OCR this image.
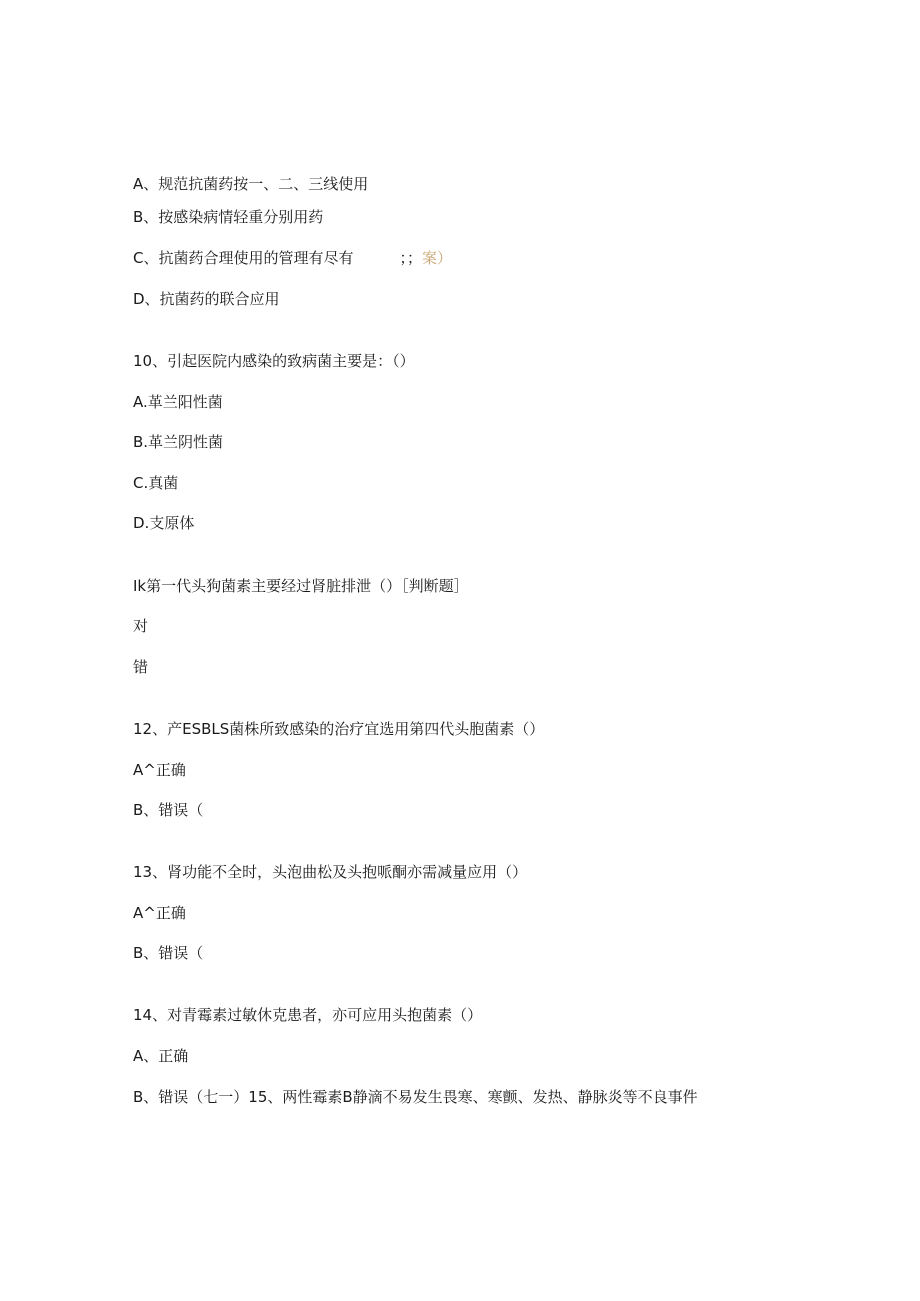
A、规范抗菌药按一、二、三线使用
B、按感染病情轻重分别用药
C、抗菌药合理使用的管理有尽有	；；案）
D、抗菌药的联合应用
10、引起医院内感染的致病菌主要是：（）
A.革兰阳性菌
B.革兰阴性菌
C.真菌
D.支原体
Ik第一代头狗菌素主要经过肾脏排泄（）［判断题］
对
错
12、产ESBLS菌株所致感染的治疗宜选用第四代头胞菌素（）
A^正确
B、错误（
13、肾功能不全时，头泡曲松及头抱哌酮亦需减量应用（）
A^正确
B、错误（
14、对青霉素过敏休克患者，亦可应用头抱菌素（）
A、正确
B、错误（七一）15、两性霉素B静滴不易发生畏寒、寒颤、发热、静脉炎等不良事件
